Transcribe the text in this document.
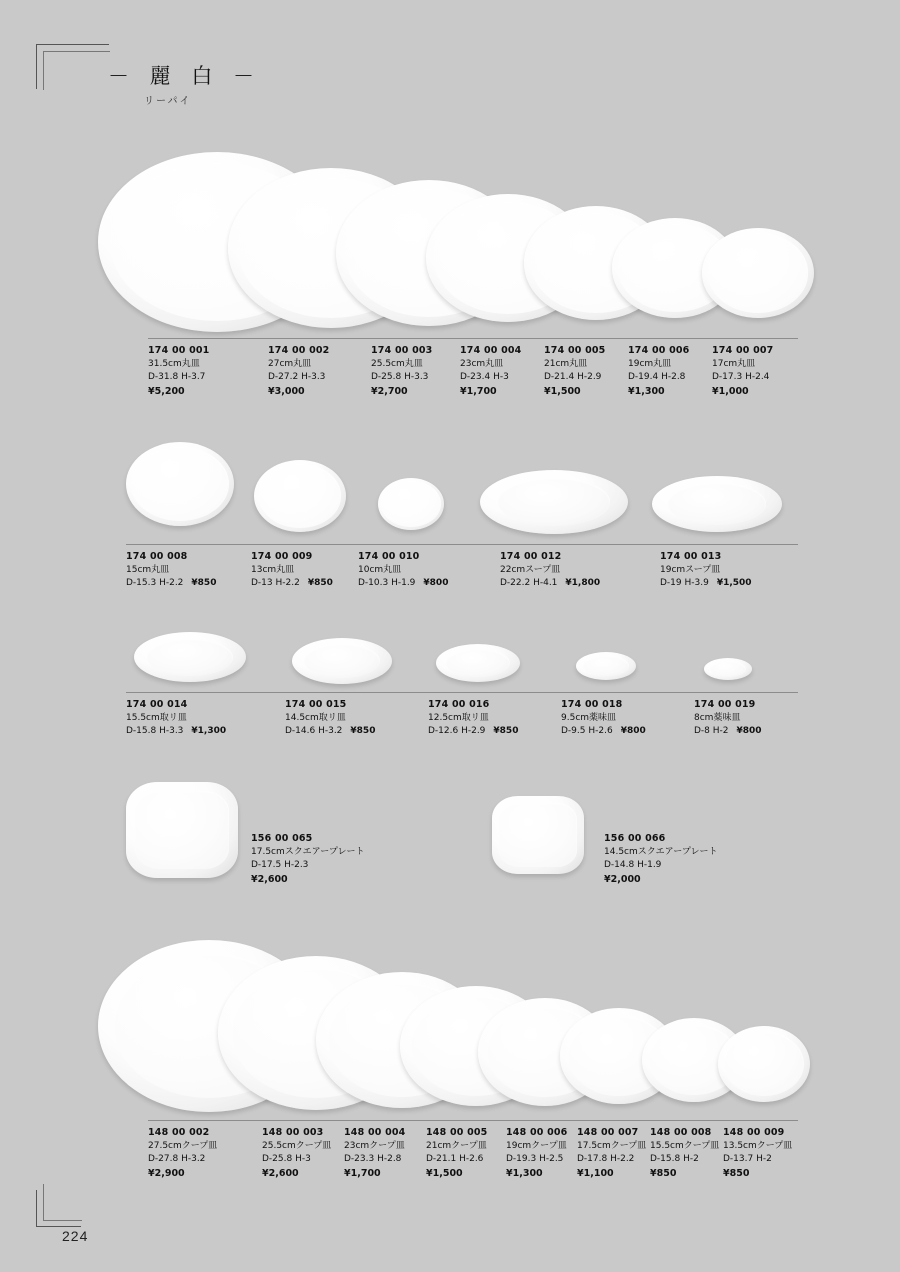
－ 麗 白 －
リーパイ
174 00 001
31.5cm丸皿
D-31.8 H-3.7
¥5,200
174 00 002
27cm丸皿
D-27.2 H-3.3
¥3,000
174 00 003
25.5cm丸皿
D-25.8 H-3.3
¥2,700
174 00 004
23cm丸皿
D-23.4 H-3
¥1,700
174 00 005
21cm丸皿
D-21.4 H-2.9
¥1,500
174 00 006
19cm丸皿
D-19.4 H-2.8
¥1,300
174 00 007
17cm丸皿
D-17.3 H-2.4
¥1,000
174 00 008
15cm丸皿
D-15.3 H-2.2 ¥850
174 00 009
13cm丸皿
D-13 H-2.2 ¥850
174 00 010
10cm丸皿
D-10.3 H-1.9 ¥800
174 00 012
22cmスープ皿
D-22.2 H-4.1 ¥1,800
174 00 013
19cmスープ皿
D-19 H-3.9 ¥1,500
174 00 014
15.5cm取リ皿
D-15.8 H-3.3 ¥1,300
174 00 015
14.5cm取リ皿
D-14.6 H-3.2 ¥850
174 00 016
12.5cm取リ皿
D-12.6 H-2.9 ¥850
174 00 018
9.5cm薬味皿
D-9.5 H-2.6 ¥800
174 00 019
8cm薬味皿
D-8 H-2 ¥800
156 00 065
17.5cmスクエアープレート
D-17.5 H-2.3
¥2,600
156 00 066
14.5cmスクエアープレート
D-14.8 H-1.9
¥2,000
148 00 002
27.5cmクープ皿
D-27.8 H-3.2
¥2,900
148 00 003
25.5cmクープ皿
D-25.8 H-3
¥2,600
148 00 004
23cmクープ皿
D-23.3 H-2.8
¥1,700
148 00 005
21cmクープ皿
D-21.1 H-2.6
¥1,500
148 00 006
19cmクープ皿
D-19.3 H-2.5
¥1,300
148 00 007
17.5cmクープ皿
D-17.8 H-2.2
¥1,100
148 00 008
15.5cmクープ皿
D-15.8 H-2
¥850
148 00 009
13.5cmクープ皿
D-13.7 H-2
¥850
224
